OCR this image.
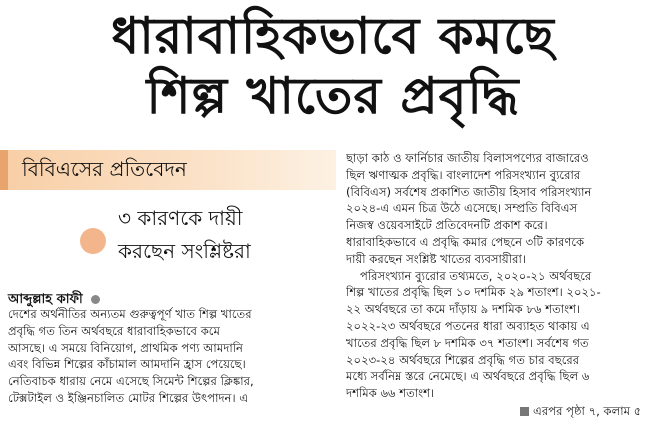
ধারাবাহিকভাবে কমছে
শিল্প খাতের প্রবৃদ্ধি
বিবিএসের প্রতিবেদন
৩ কারণকে দায়ী
করছেন সংশ্লিষ্টরা
আব্দুল্লাহ কাফী
দেশের অর্থনীতির অন্যতম গুরুত্বপূর্ণ খাত শিল্প খাতের
প্রবৃদ্ধি গত তিন অর্থবছরে ধারাবাহিকভাবে কমে
আসছে। এ সময়ে বিনিয়োগ, প্রাথমিক পণ্য আমদানি
এবং বিভিন্ন শিল্পের কাঁচামাল আমদানি হ্রাস পেয়েছে।
নেতিবাচক ধারায় নেমে এসেছে সিমেন্ট শিল্পের ক্লিঙ্কার,
টেক্সটাইল ও ইঞ্জিনচালিত মোটর শিল্পের উৎপাদন। এ
ছাড়া কাঠ ও ফার্নিচার জাতীয় বিলাসপণ্যের বাজারেও
ছিল ঋণাত্মক প্রবৃদ্ধি। বাংলাদেশ পরিসংখ্যান ব্যুরোর
(বিবিএস) সর্বশেষ প্রকাশিত জাতীয় হিসাব পরিসংখ্যান
২০২৪-এ এমন চিত্র উঠে এসেছে। সম্প্রতি বিবিএস
নিজস্ব ওয়েবসাইটে প্রতিবেদনটি প্রকাশ করে।
ধারাবাহিকভাবে এ প্রবৃদ্ধি কমার পেছনে ৩টি কারণকে
দায়ী করছেন সংশ্লিষ্ট খাতের ব্যবসায়ীরা।
পরিসংখ্যান ব্যুরোর তথ্যমতে, ২০২০-২১ অর্থবছরে
শিল্প খাতের প্রবৃদ্ধি ছিল ১০ দশমিক ২৯ শতাংশ। ২০২১-
২২ অর্থবছরে তা কমে দাঁড়ায় ৯ দশমিক ৮৬ শতাংশ।
২০২২-২৩ অর্থবছরে পতনের ধারা অব্যাহত থাকায় এ
খাতের প্রবৃদ্ধি ছিল ৮ দশমিক ৩৭ শতাংশ। সর্বশেষ গত
২০২৩-২৪ অর্থবছরে শিল্পের প্রবৃদ্ধি গত চার বছরের
মধ্যে সর্বনিম্ন স্তরে নেমেছে। এ অর্থবছরে প্রবৃদ্ধি ছিল ৬
দশমিক ৬৬ শতাংশ।
এরপর পৃষ্ঠা ৭, কলাম ৫
